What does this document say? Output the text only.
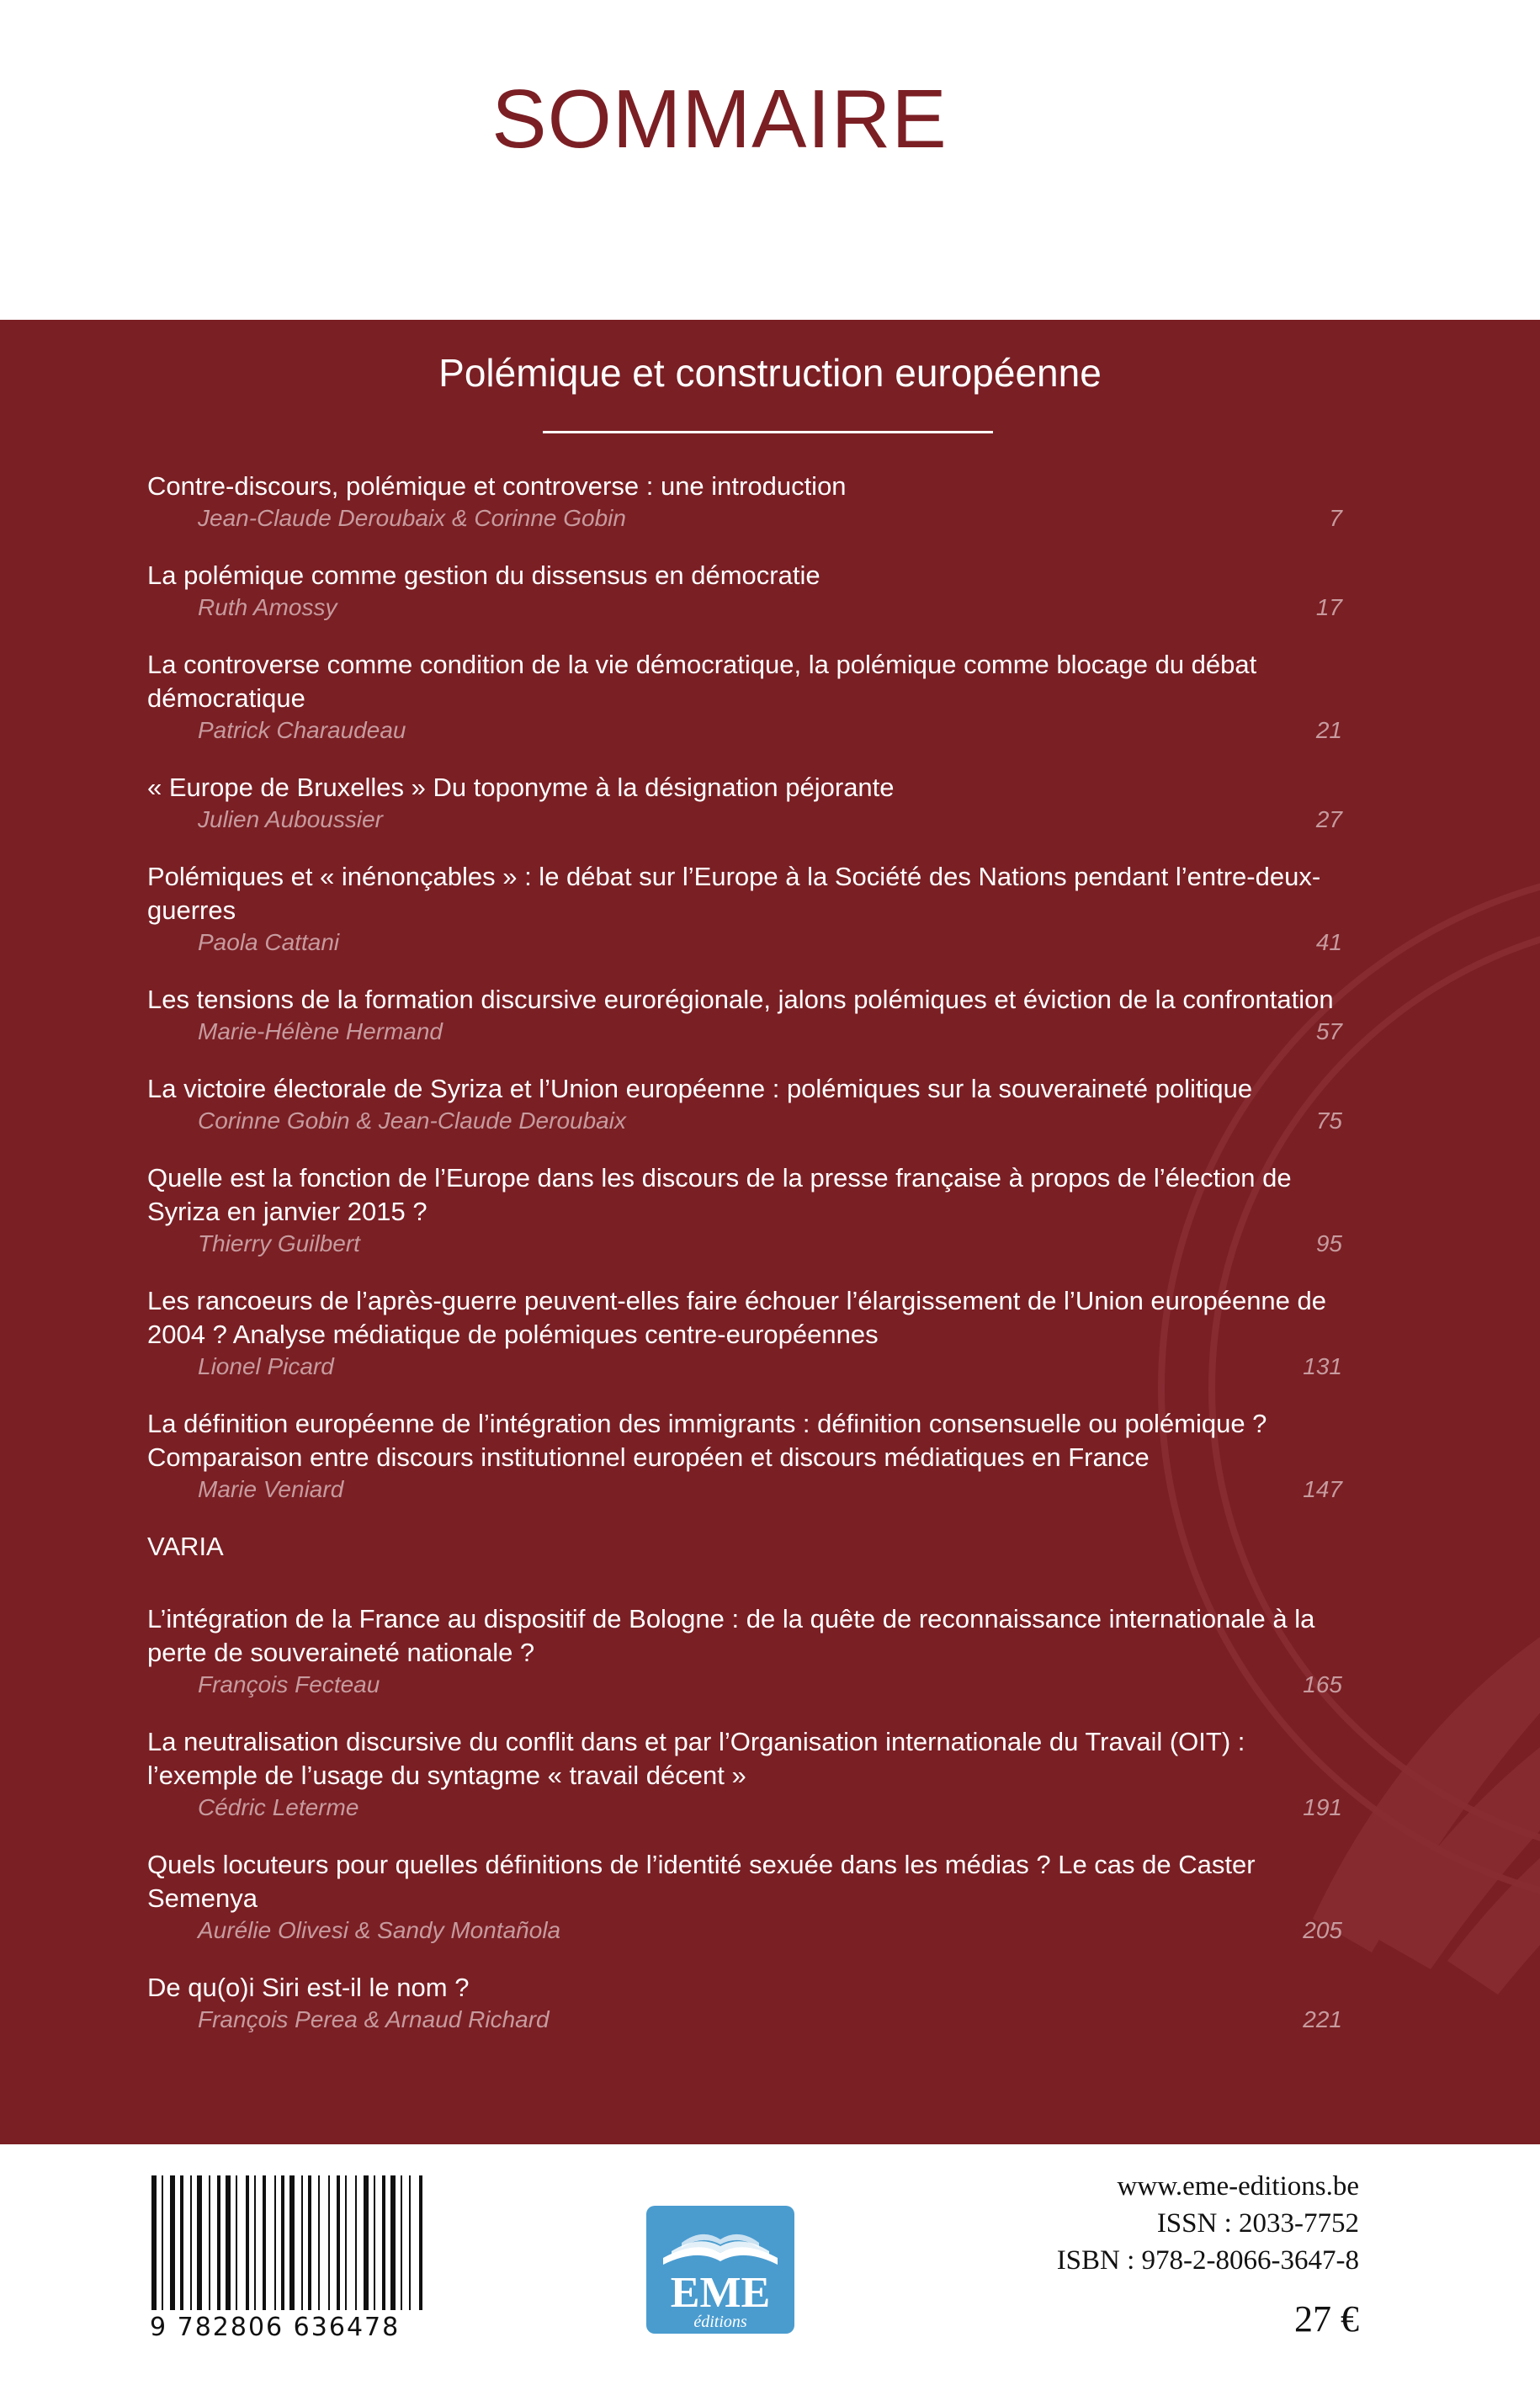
SOMMAIRE
Polémique et construction européenne
Contre-discours, polémique et controverse : une introduction
Jean-Claude Deroubaix & Corinne Gobin	7
La polémique comme gestion du dissensus en démocratie
Ruth Amossy	17
La controverse comme condition de la vie démocratique, la polémique comme blocage du débat démocratique
Patrick Charaudeau	21
« Europe de Bruxelles » Du toponyme à la désignation péjorante
Julien Auboussier	27
Polémiques et « inénonçables » : le débat sur l’Europe à la Société des Nations pendant l’entre-deux-guerres
Paola Cattani	41
Les tensions de la formation discursive eurorégionale, jalons polémiques et éviction de la confrontation
Marie-Hélène Hermand	57
La victoire électorale de Syriza et l’Union européenne : polémiques sur la souveraineté politique
Corinne Gobin & Jean-Claude Deroubaix	75
Quelle est la fonction de l’Europe dans les discours de la presse française à propos de l’élection de Syriza en janvier 2015 ?
Thierry Guilbert	95
Les rancoeurs de l’après-guerre peuvent-elles faire échouer l’élargissement de l’Union européenne de 2004 ? Analyse médiatique de polémiques centre-européennes
Lionel Picard	131
La définition européenne de l’intégration des immigrants : définition consensuelle ou polémique ? Comparaison entre discours institutionnel européen et discours médiatiques en France
Marie Veniard	147
VARIA
L’intégration de la France au dispositif de Bologne : de la quête de reconnaissance internationale à la perte de souveraineté nationale ?
François Fecteau	165
La neutralisation discursive du conflit dans et par l’Organisation internationale du Travail (OIT) : l’exemple de l’usage du syntagme « travail décent »
Cédric Leterme	191
Quels locuteurs pour quelles définitions de l’identité sexuée dans les médias ? Le cas de Caster Semenya
Aurélie Olivesi & Sandy Montañola	205
De qu(o)i Siri est-il le nom ?
François Perea & Arnaud Richard	221
9 782806 636478
EME
éditions
www.eme-editions.be
ISSN : 2033-7752
ISBN : 978-2-8066-3647-8
27 €
